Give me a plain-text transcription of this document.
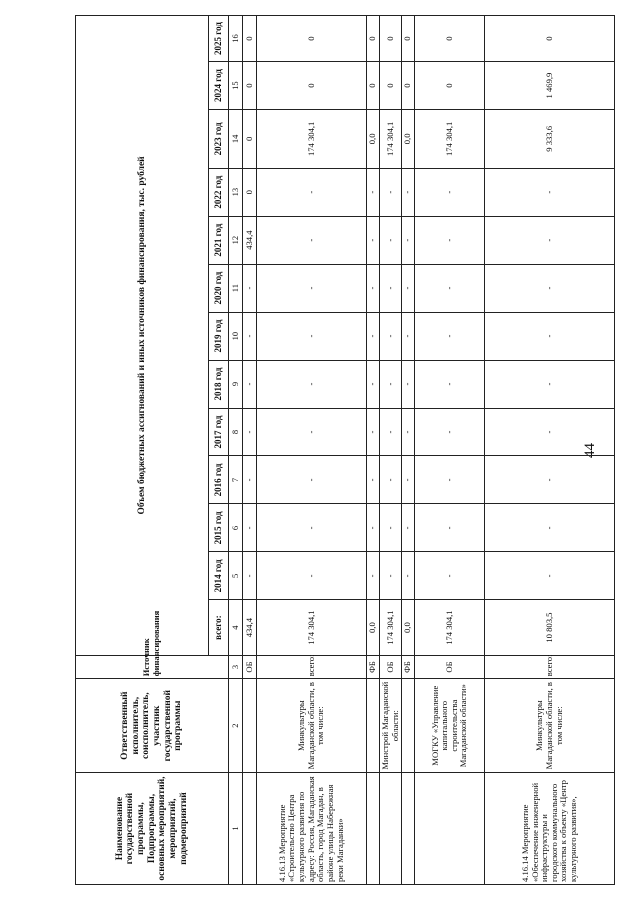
44
Наименование государственной программы, Подпрограммы, основных мероприятий, мероприятий, подмероприятий	Ответственный исполнитель, соисполнитель, участник государственной программы	Источник финансирования	Объем бюджетных ассигнований и иных источников финансирования, тыс. рублей												
			всего:	2014 год	2015 год	2016 год	2017 год	2018 год	2019 год	2020 год	2021 год	2022 год	2023 год	2024 год	2025 год
1	2	3	4	5	6	7	8	9	10	11	12	13	14	15	16
		ОБ	434,4	-	-	-	-	-	-	-	434,4	0	0	0	0
4.16.13 Мероприятие «Строительство Центра культурного развития по адресу: Россия, Магаданская область, город Магадан, в районе улицы Набережная реки Магаданки»	Минкультуры Магаданской области, в том числе:	всего:	174 304,1	-	-	-	-	-	-	-	-	-	174 304,1	0	0
		ФБ	0,0	-	-	-	-	-	-	-	-	-	0,0	0	0
	Минстрой Магаданской области:	ОБ	174 304,1	-	-	-	-	-	-	-	-	-	174 304,1	0	0
		ФБ	0,0	-	-	-	-	-	-	-	-	-	0,0	0	0
	МОГКУ «Управление капитального строительства Магаданской области»	ОБ	174 304,1	-	-	-	-	-	-	-	-	-	174 304,1	0	0
4.16.14 Мероприятие «Обеспечение инженерной инфраструктуры и городского коммунального хозяйства к объекту «Центр культурного развития»,	Минкультуры Магаданской области, в том числе:	всего:	10 803,5	-	-	-	-	-	-	-	-	-	9 333,6	1 469,9	0
